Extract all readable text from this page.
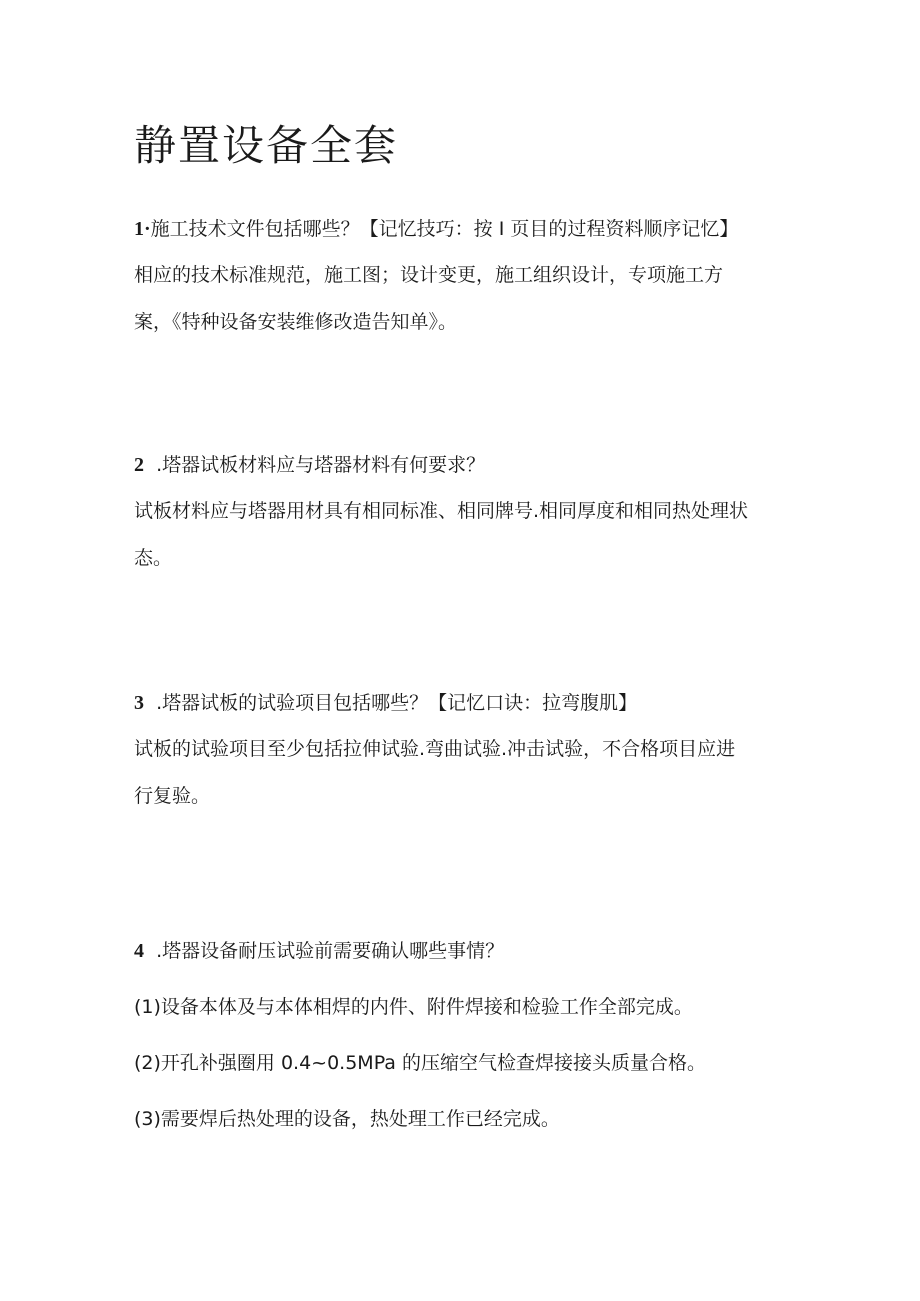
静置设备全套

1·施工技术文件包括哪些？【记忆技巧：按 I 页目的过程资料顺序记忆】

相应的技术标准规范，施工图；设计变更，施工组织设计，专项施工方

案，《特种设备安装维修改造告知单》。

2 .塔器试板材料应与塔器材料有何要求？

试板材料应与塔器用材具有相同标准、相同牌号.相同厚度和相同热处理状

态。

3 .塔器试板的试验项目包括哪些？【记忆口诀：拉弯腹肌】

试板的试验项目至少包括拉伸试验.弯曲试验.冲击试验，不合格项目应进

行复验。

4 .塔器设备耐压试验前需要确认哪些事情？

(1)设备本体及与本体相焊的内件、附件焊接和检验工作全部完成。

(2)开孔补强圈用 0.4~0.5MPa 的压缩空气检查焊接接头质量合格。

(3)需要焊后热处理的设备，热处理工作已经完成。
